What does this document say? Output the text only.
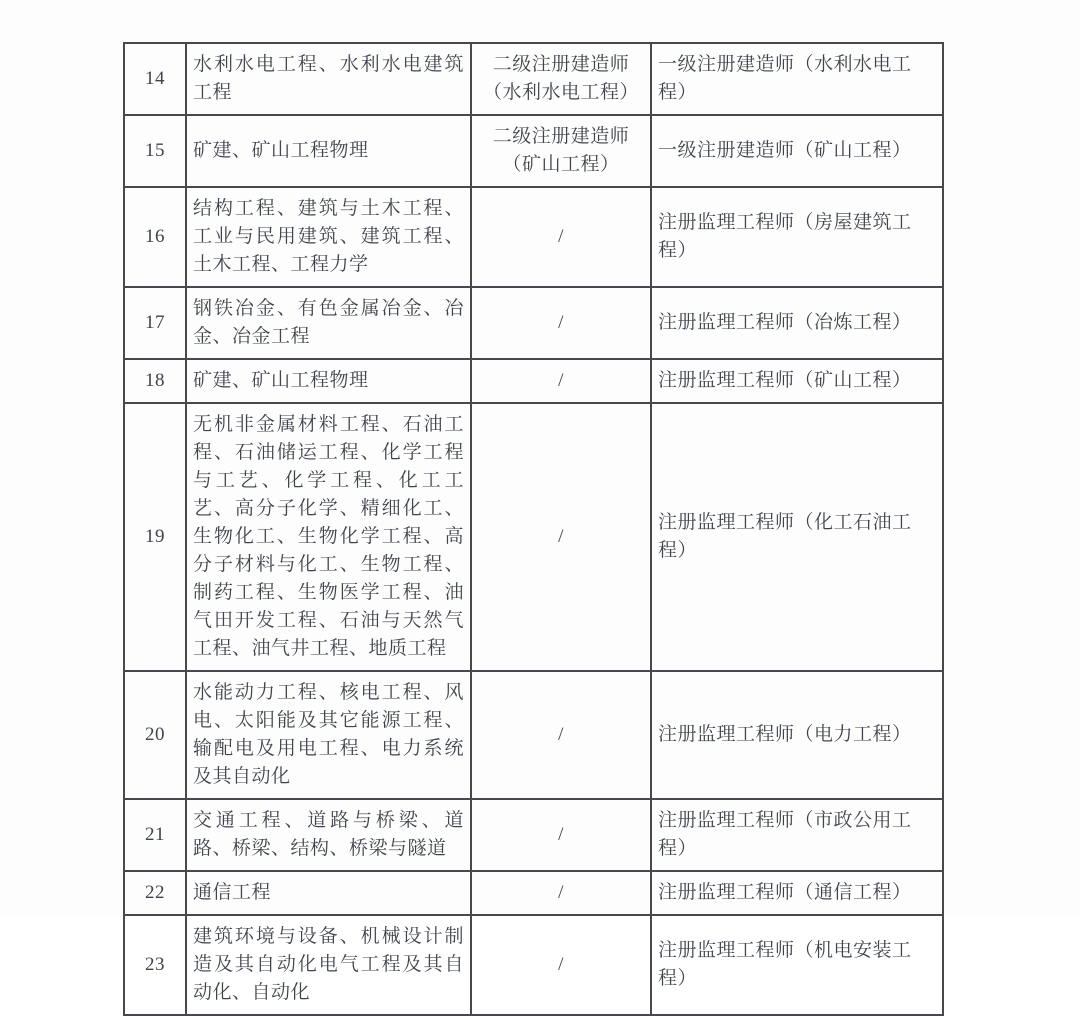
14	水利水电工程、水利水电建筑工程	二级注册建造师（水利水电工程）	一级注册建造师（水利水电工程）
15	矿建、矿山工程物理	二级注册建造师（矿山工程）	一级注册建造师（矿山工程）
16	结构工程、建筑与土木工程、工业与民用建筑、建筑工程、土木工程、工程力学	/	注册监理工程师（房屋建筑工程）
17	钢铁冶金、有色金属冶金、冶金、冶金工程	/	注册监理工程师（冶炼工程）
18	矿建、矿山工程物理	/	注册监理工程师（矿山工程）
19	无机非金属材料工程、石油工程、石油储运工程、化学工程与工艺、化学工程、化工工艺、高分子化学、精细化工、生物化工、生物化学工程、高分子材料与化工、生物工程、制药工程、生物医学工程、油气田开发工程、石油与天然气工程、油气井工程、地质工程	/	注册监理工程师（化工石油工程）
20	水能动力工程、核电工程、风电、太阳能及其它能源工程、输配电及用电工程、电力系统及其自动化	/	注册监理工程师（电力工程）
21	交通工程、道路与桥梁、道路、桥梁、结构、桥梁与隧道	/	注册监理工程师（市政公用工程）
22	通信工程	/	注册监理工程师（通信工程）
23	建筑环境与设备、机械设计制造及其自动化电气工程及其自动化、自动化	/	注册监理工程师（机电安装工程）
